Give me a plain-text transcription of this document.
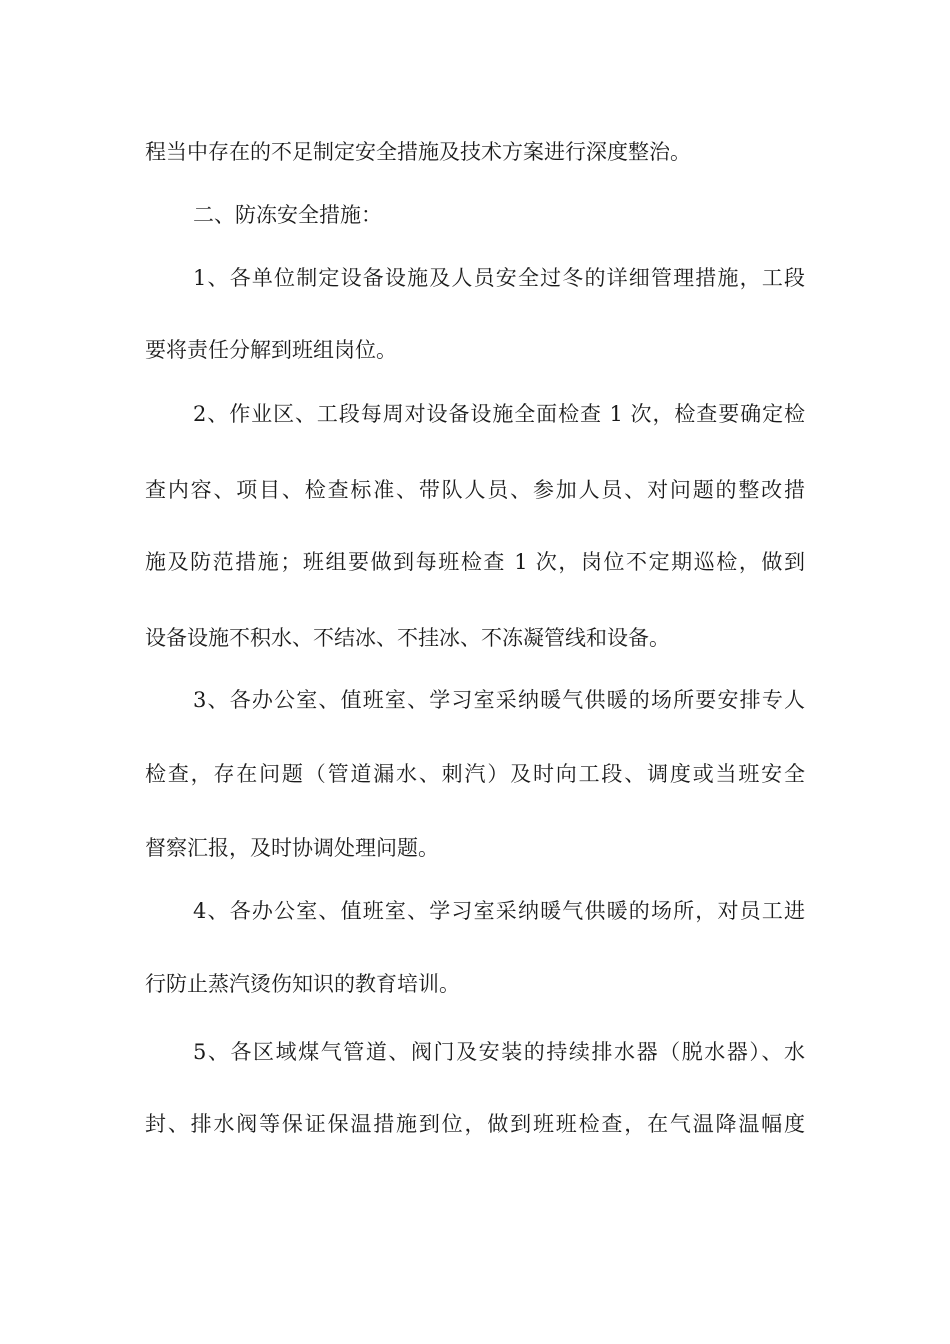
程当中存在的不足制定安全措施及技术方案进行深度整治。
二、防冻安全措施：
1、各单位制定设备设施及人员安全过冬的详细管理措施，工段
要将责任分解到班组岗位。
2、作业区、工段每周对设备设施全面检查 1 次，检查要确定检
查内容、项目、检查标准、带队人员、参加人员、对问题的整改措
施及防范措施；班组要做到每班检查 1 次，岗位不定期巡检，做到
设备设施不积水、不结冰、不挂冰、不冻凝管线和设备。
3、各办公室、值班室、学习室采纳暖气供暖的场所要安排专人
检查，存在问题（管道漏水、刺汽）及时向工段、调度或当班安全
督察汇报，及时协调处理问题。
4、各办公室、值班室、学习室采纳暖气供暖的场所，对员工进
行防止蒸汽烫伤知识的教育培训。
5、各区域煤气管道、阀门及安装的持续排水器（脱水器）、水
封、排水阀等保证保温措施到位，做到班班检查，在气温降温幅度
